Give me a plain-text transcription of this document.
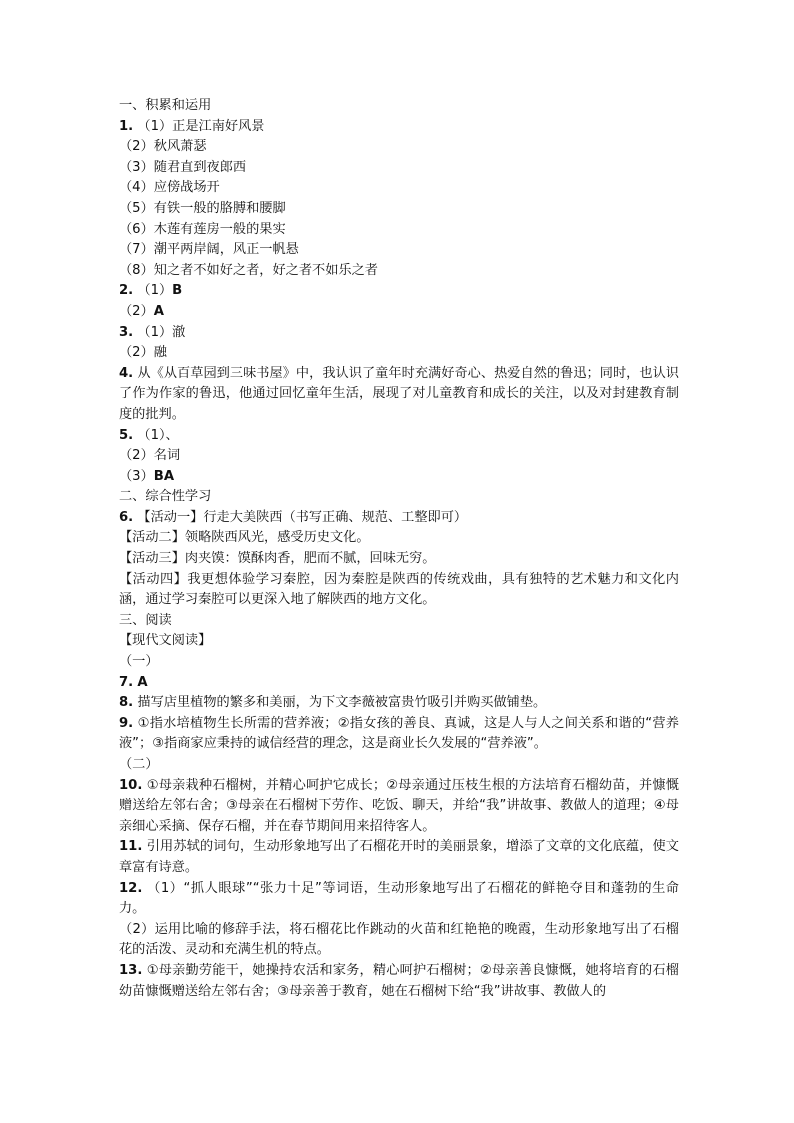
一、积累和运用
1. （1）正是江南好风景
（2）秋风萧瑟
（3）随君直到夜郎西
（4）应傍战场开
（5）有铁一般的胳膊和腰脚
（6）木莲有莲房一般的果实
（7）潮平两岸阔，风正一帆悬
（8）知之者不如好之者，好之者不如乐之者
2. （1）B
（2）A
3. （1）澈
（2）融
4. 从《从百草园到三味书屋》中，我认识了童年时充满好奇心、热爱自然的鲁迅；同时，也认识了作为作家的鲁迅，他通过回忆童年生活，展现了对儿童教育和成长的关注，以及对封建教育制度的批判。
5. （1）、
（2）名词
（3）BA
二、综合性学习
6. 【活动一】行走大美陕西（书写正确、规范、工整即可）
【活动二】领略陕西风光，感受历史文化。
【活动三】肉夹馍：馍酥肉香，肥而不腻，回味无穷。
【活动四】我更想体验学习秦腔，因为秦腔是陕西的传统戏曲，具有独特的艺术魅力和文化内涵，通过学习秦腔可以更深入地了解陕西的地方文化。
三、阅读
【现代文阅读】
（一）
7. A
8. 描写店里植物的繁多和美丽，为下文李薇被富贵竹吸引并购买做铺垫。
9. ①指水培植物生长所需的营养液；②指女孩的善良、真诚，这是人与人之间关系和谐的“营养液”；③指商家应秉持的诚信经营的理念，这是商业长久发展的“营养液”。
（二）
10. ①母亲栽种石榴树，并精心呵护它成长；②母亲通过压枝生根的方法培育石榴幼苗，并慷慨赠送给左邻右舍；③母亲在石榴树下劳作、吃饭、聊天，并给“我”讲故事、教做人的道理；④母亲细心采摘、保存石榴，并在春节期间用来招待客人。
11. 引用苏轼的词句，生动形象地写出了石榴花开时的美丽景象，增添了文章的文化底蕴，使文章富有诗意。
12. （1）“抓人眼球”“张力十足”等词语，生动形象地写出了石榴花的鲜艳夺目和蓬勃的生命力。
（2）运用比喻的修辞手法，将石榴花比作跳动的火苗和红艳艳的晚霞，生动形象地写出了石榴花的活泼、灵动和充满生机的特点。
13. ①母亲勤劳能干，她操持农活和家务，精心呵护石榴树；②母亲善良慷慨，她将培育的石榴幼苗慷慨赠送给左邻右舍；③母亲善于教育，她在石榴树下给“我”讲故事、教做人的
